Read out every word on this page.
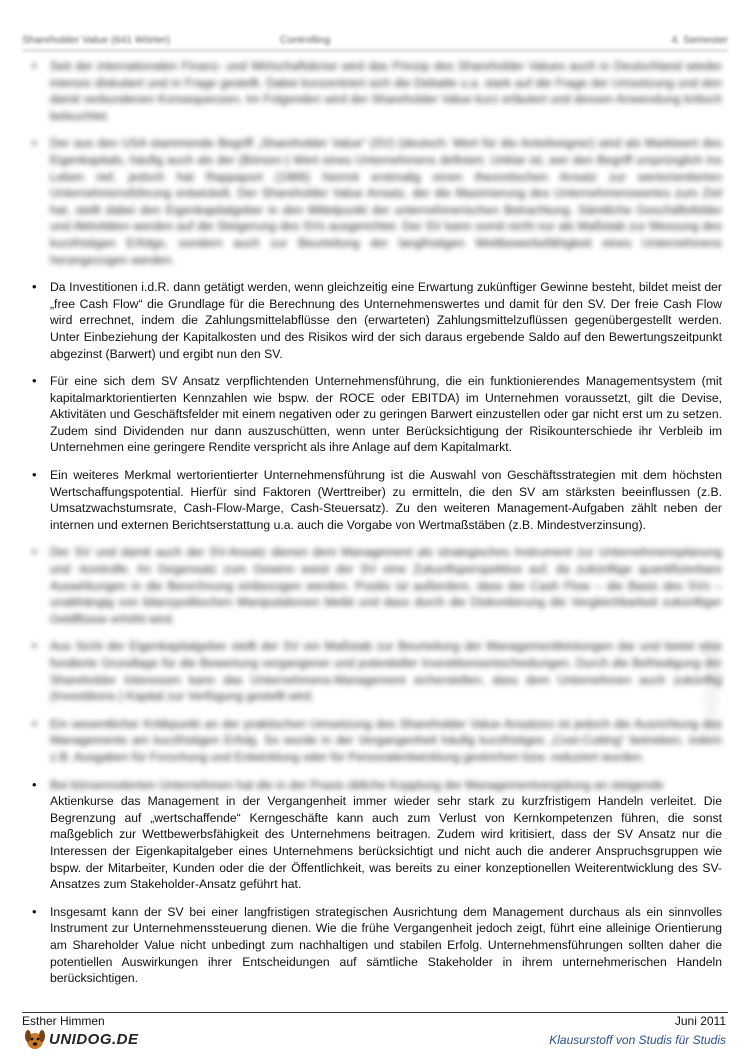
Shareholder Value (641 Wörter)	Controlling	4. Semester

• Seit der internationalen Finanz- und Wirtschaftskrise wird das Prinzip des Shareholder Values auch in Deutschland wieder intensiv diskutiert und in Frage gestellt. Dabei konzentriert sich die Debatte u.a. stark auf die Frage der Umsetzung und den damit verbundenen Konsequenzen. Im Folgenden wird der Shareholder Value kurz erläutert und dessen Anwendung kritisch beleuchtet.

• Der aus den USA stammende Begriff „Shareholder Value“ (SV) (deutsch: Wert für die Anteilseigner) wird als Marktwert des Eigenkapitals, häufig auch als der (Börsen-) Wert eines Unternehmens definiert. Unklar ist, wer den Begriff ursprünglich ins Leben rief, jedoch hat Rappaport (1986) hiermit erstmalig einen theoretischen Ansatz zur wertorientierten Unternehmensführung entwickelt. Der Shareholder Value Ansatz, der die Maximierung des Unternehmenswertes zum Ziel hat, stellt dabei den Eigenkapitalgeber in den Mittelpunkt der unternehmerischen Betrachtung. Sämtliche Geschäftsfelder und Aktivitäten werden auf die Steigerung des SVs ausgerichtet. Der SV kann somit nicht nur als Maßstab zur Messung des kurzfristigen Erfolgs, sondern auch zur Beurteilung der langfristigen Wettbewerbsfähigkeit eines Unternehmens herangezogen werden.

• Da Investitionen i.d.R. dann getätigt werden, wenn gleichzeitig eine Erwartung zukünftiger Gewinne besteht, bildet meist der „free Cash Flow“ die Grundlage für die Berechnung des Unternehmenswertes und damit für den SV. Der freie Cash Flow wird errechnet, indem die Zahlungsmittelabflüsse den (erwarteten) Zahlungsmittelzuflüssen gegenübergestellt werden. Unter Einbeziehung der Kapitalkosten und des Risikos wird der sich daraus ergebende Saldo auf den Bewertungszeitpunkt abgezinst (Barwert) und ergibt nun den SV.

• Für eine sich dem SV Ansatz verpflichtenden Unternehmensführung, die ein funktionierendes Managementsystem (mit kapitalmarktorientierten Kennzahlen wie bspw. der ROCE oder EBITDA) im Unternehmen voraussetzt, gilt die Devise, Aktivitäten und Geschäftsfelder mit einem negativen oder zu geringen Barwert einzustellen oder gar nicht erst um zu setzen. Zudem sind Dividenden nur dann auszuschütten, wenn unter Berücksichtigung der Risikounterschiede ihr Verbleib im Unternehmen eine geringere Rendite verspricht als ihre Anlage auf dem Kapitalmarkt.

• Ein weiteres Merkmal wertorientierter Unternehmensführung ist die Auswahl von Geschäftsstrategien mit dem höchsten Wertschaffungspotential. Hierfür sind Faktoren (Werttreiber) zu ermitteln, die den SV am stärksten beeinflussen (z.B. Umsatzwachstumsrate, Cash-Flow-Marge, Cash-Steuersatz). Zu den weiteren Management-Aufgaben zählt neben der internen und externen Berichtserstattung u.a. auch die Vorgabe von Wertmaßstäben (z.B. Mindestverzinsung).

• Der SV und damit auch der SV-Ansatz dienen dem Management als strategisches Instrument zur Unternehmensplanung und -kontrolle. Im Gegensatz zum Gewinn weist der SV eine Zukunftsperspektive auf, da zukünftige quantifizierbare Auswirkungen in die Berechnung einbezogen werden. Positiv ist außerdem, dass der Cash Flow – die Basis des SVs – unabhängig von bilanzpolitischen Manipulationen bleibt und dass durch die Diskontierung die Vergleichbarkeit zukünftiger Geldflüsse erhöht wird.

• Aus Sicht der Eigenkapitalgeber stellt der SV ein Maßstab zur Beurteilung der Managementleistungen dar und bietet eine fundierte Grundlage für die Bewertung vergangener und potentieller Investitionsentscheidungen. Durch die Befriedigung der Shareholder Interessen kann das Unternehmens-Management sicherstellen, dass dem Unternehmen auch zukünftig (Investitions-) Kapital zur Verfügung gestellt wird.

• Ein wesentlicher Kritikpunkt an der praktischen Umsetzung des Shareholder Value Ansatzes ist jedoch die Ausrichtung des Managements am kurzfristigen Erfolg. So wurde in der Vergangenheit häufig kurzfristiges „Cost-Cutting“ betrieben, indem z.B. Ausgaben für Forschung und Entwicklung oder für Personalentwicklung gestrichen bzw. reduziert wurden.

• Bei börsennotierten Unternehmen hat die in der Praxis übliche Kopplung der Managementvergütung an steigende
Aktienkurse das Management in der Vergangenheit immer wieder sehr stark zu kurzfristigem Handeln verleitet. Die Begrenzung auf „wertschaffende“ Kerngeschäfte kann auch zum Verlust von Kernkompetenzen führen, die sonst maßgeblich zur Wettbewerbsfähigkeit des Unternehmens beitragen. Zudem wird kritisiert, dass der SV Ansatz nur die Interessen der Eigenkapitalgeber eines Unternehmens berücksichtigt und nicht auch die anderer Anspruchsgruppen wie bspw. der Mitarbeiter, Kunden oder die der Öffentlichkeit, was bereits zu einer konzeptionellen Weiterentwicklung des SV-Ansatzes zum Stakeholder-Ansatz geführt hat.

• Insgesamt kann der SV bei einer langfristigen strategischen Ausrichtung dem Management durchaus als ein sinnvolles Instrument zur Unternehmenssteuerung dienen. Wie die frühe Vergangenheit jedoch zeigt, führt eine alleinige Orientierung am Shareholder Value nicht unbedingt zum nachhaltigen und stabilen Erfolg. Unternehmensführungen sollten daher die potentiellen Auswirkungen ihrer Entscheidungen auf sämtliche Stakeholder in ihrem unternehmerischen Handeln berücksichtigen.

unidog.de
Esther Himmen	Juni 2011
UNIDOG.DE	Klausurstoff von Studis für Studis
